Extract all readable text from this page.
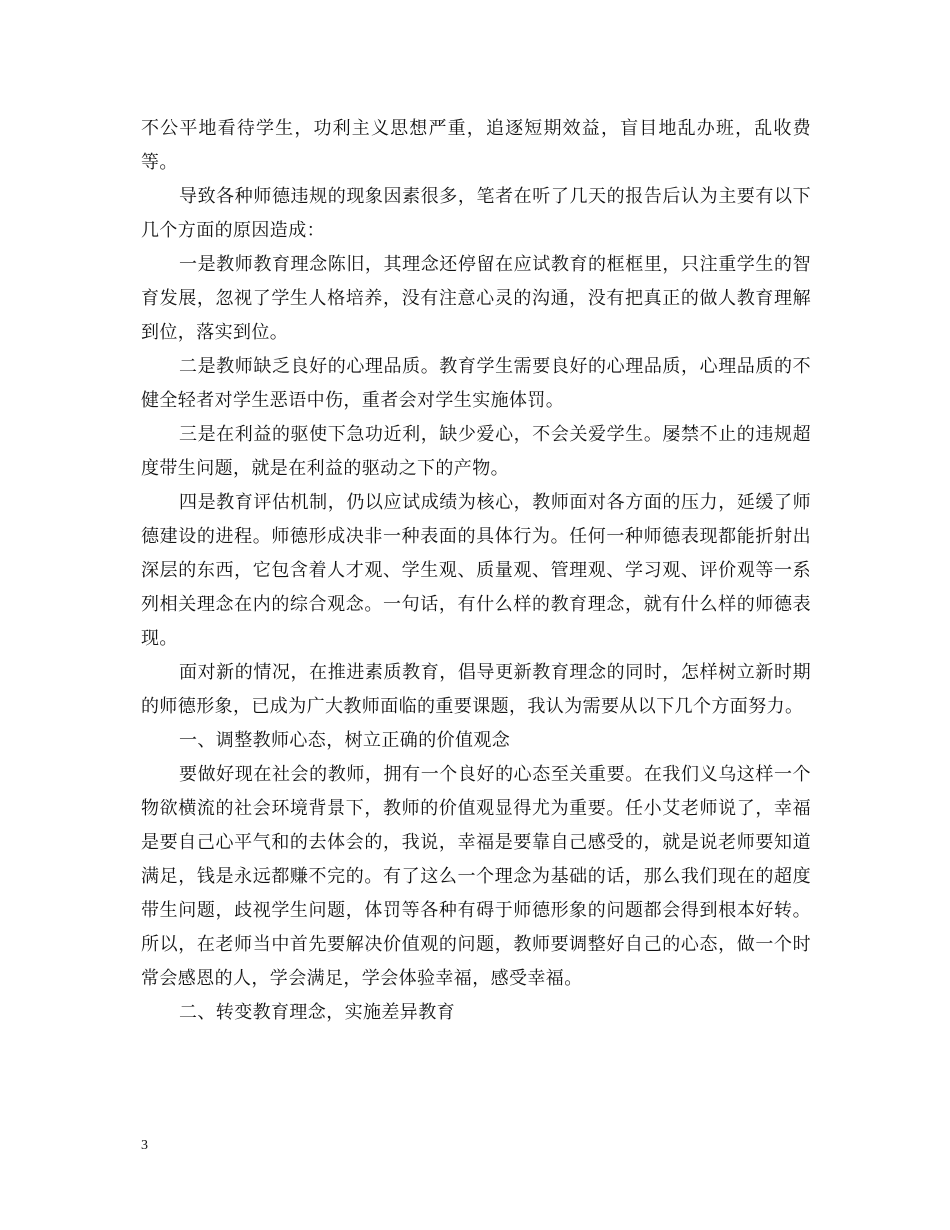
不公平地看待学生，功利主义思想严重，追逐短期效益，盲目地乱办班，乱收费等。

导致各种师德违规的现象因素很多，笔者在听了几天的报告后认为主要有以下几个方面的原因造成：

一是教师教育理念陈旧，其理念还停留在应试教育的框框里，只注重学生的智育发展，忽视了学生人格培养，没有注意心灵的沟通，没有把真正的做人教育理解到位，落实到位。

二是教师缺乏良好的心理品质。教育学生需要良好的心理品质，心理品质的不健全轻者对学生恶语中伤，重者会对学生实施体罚。

三是在利益的驱使下急功近利，缺少爱心，不会关爱学生。屡禁不止的违规超度带生问题，就是在利益的驱动之下的产物。

四是教育评估机制，仍以应试成绩为核心，教师面对各方面的压力，延缓了师德建设的进程。师德形成决非一种表面的具体行为。任何一种师德表现都能折射出深层的东西，它包含着人才观、学生观、质量观、管理观、学习观、评价观等一系列相关理念在内的综合观念。一句话，有什么样的教育理念，就有什么样的师德表现。

面对新的情况，在推进素质教育，倡导更新教育理念的同时，怎样树立新时期的师德形象，已成为广大教师面临的重要课题，我认为需要从以下几个方面努力。

一、调整教师心态，树立正确的价值观念

要做好现在社会的教师，拥有一个良好的心态至关重要。在我们义乌这样一个物欲横流的社会环境背景下，教师的价值观显得尤为重要。任小艾老师说了，幸福是要自己心平气和的去体会的，我说，幸福是要靠自己感受的，就是说老师要知道满足，钱是永远都赚不完的。有了这么一个理念为基础的话，那么我们现在的超度带生问题，歧视学生问题，体罚等各种有碍于师德形象的问题都会得到根本好转。所以，在老师当中首先要解决价值观的问题，教师要调整好自己的心态，做一个时常会感恩的人，学会满足，学会体验幸福，感受幸福。

二、转变教育理念，实施差异教育

3
